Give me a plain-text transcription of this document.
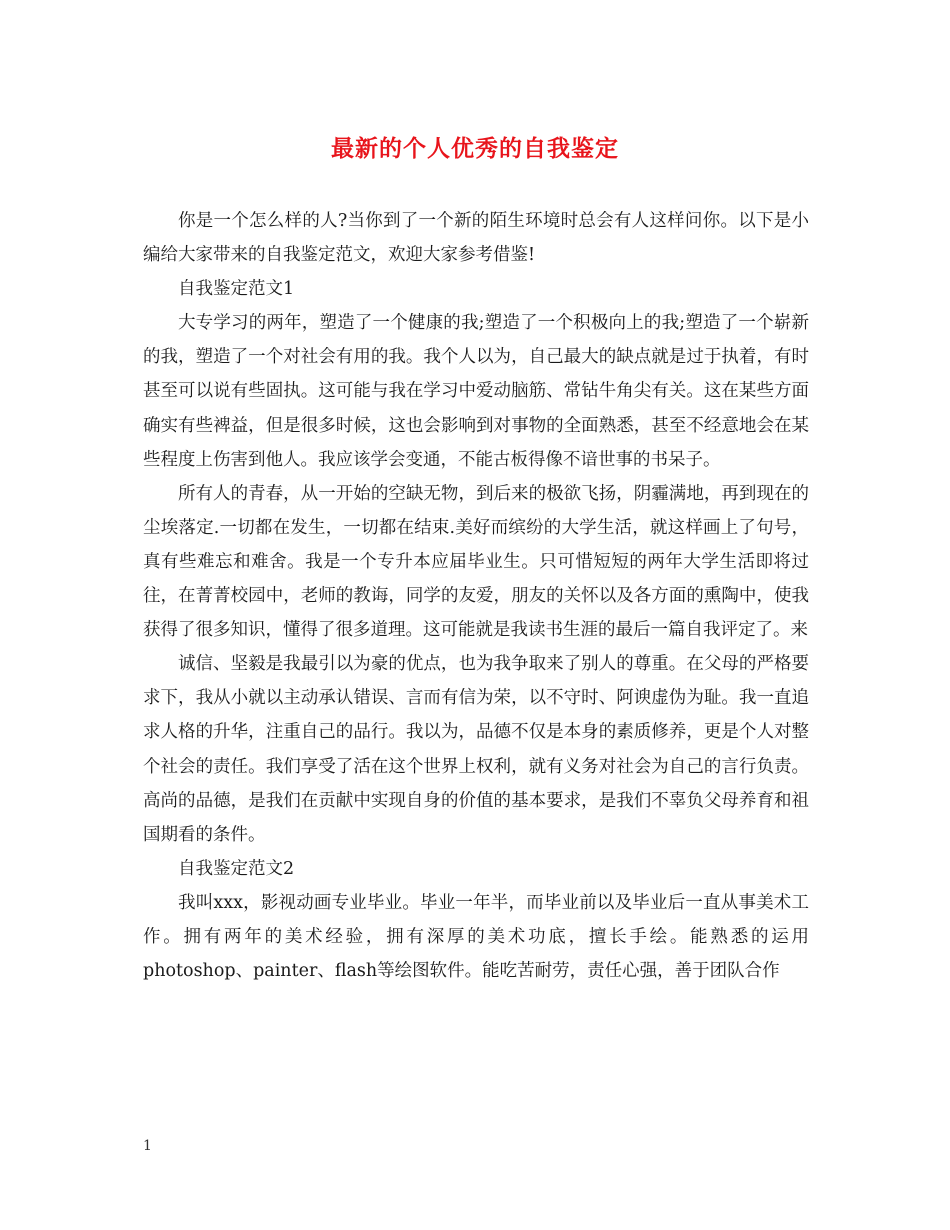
最新的个人优秀的自我鉴定

你是一个怎么样的人?当你到了一个新的陌生环境时总会有人这样问你。以下是小编给大家带来的自我鉴定范文，欢迎大家参考借鉴!

自我鉴定范文1

大专学习的两年，塑造了一个健康的我;塑造了一个积极向上的我;塑造了一个崭新的我，塑造了一个对社会有用的我。我个人以为，自己最大的缺点就是过于执着，有时甚至可以说有些固执。这可能与我在学习中爱动脑筋、常钻牛角尖有关。这在某些方面确实有些裨益，但是很多时候，这也会影响到对事物的全面熟悉，甚至不经意地会在某些程度上伤害到他人。我应该学会变通，不能古板得像不谙世事的书呆子。

所有人的青春，从一开始的空缺无物，到后来的极欲飞扬，阴霾满地，再到现在的尘埃落定.一切都在发生，一切都在结束.美好而缤纷的大学生活，就这样画上了句号，真有些难忘和难舍。我是一个专升本应届毕业生。只可惜短短的两年大学生活即将过往，在菁菁校园中，老师的教诲，同学的友爱，朋友的关怀以及各方面的熏陶中，使我获得了很多知识，懂得了很多道理。这可能就是我读书生涯的最后一篇自我评定了。来

诚信、坚毅是我最引以为豪的优点，也为我争取来了别人的尊重。在父母的严格要求下，我从小就以主动承认错误、言而有信为荣，以不守时、阿谀虚伪为耻。我一直追求人格的升华，注重自己的品行。我以为，品德不仅是本身的素质修养，更是个人对整个社会的责任。我们享受了活在这个世界上权利，就有义务对社会为自己的言行负责。高尚的品德，是我们在贡献中实现自身的价值的基本要求，是我们不辜负父母养育和祖国期看的条件。

自我鉴定范文2

我叫xxx，影视动画专业毕业。毕业一年半，而毕业前以及毕业后一直从事美术工作。拥有两年的美术经验，拥有深厚的美术功底，擅长手绘。能熟悉的运用photoshop、painter、flash等绘图软件。能吃苦耐劳，责任心强，善于团队合作

1
